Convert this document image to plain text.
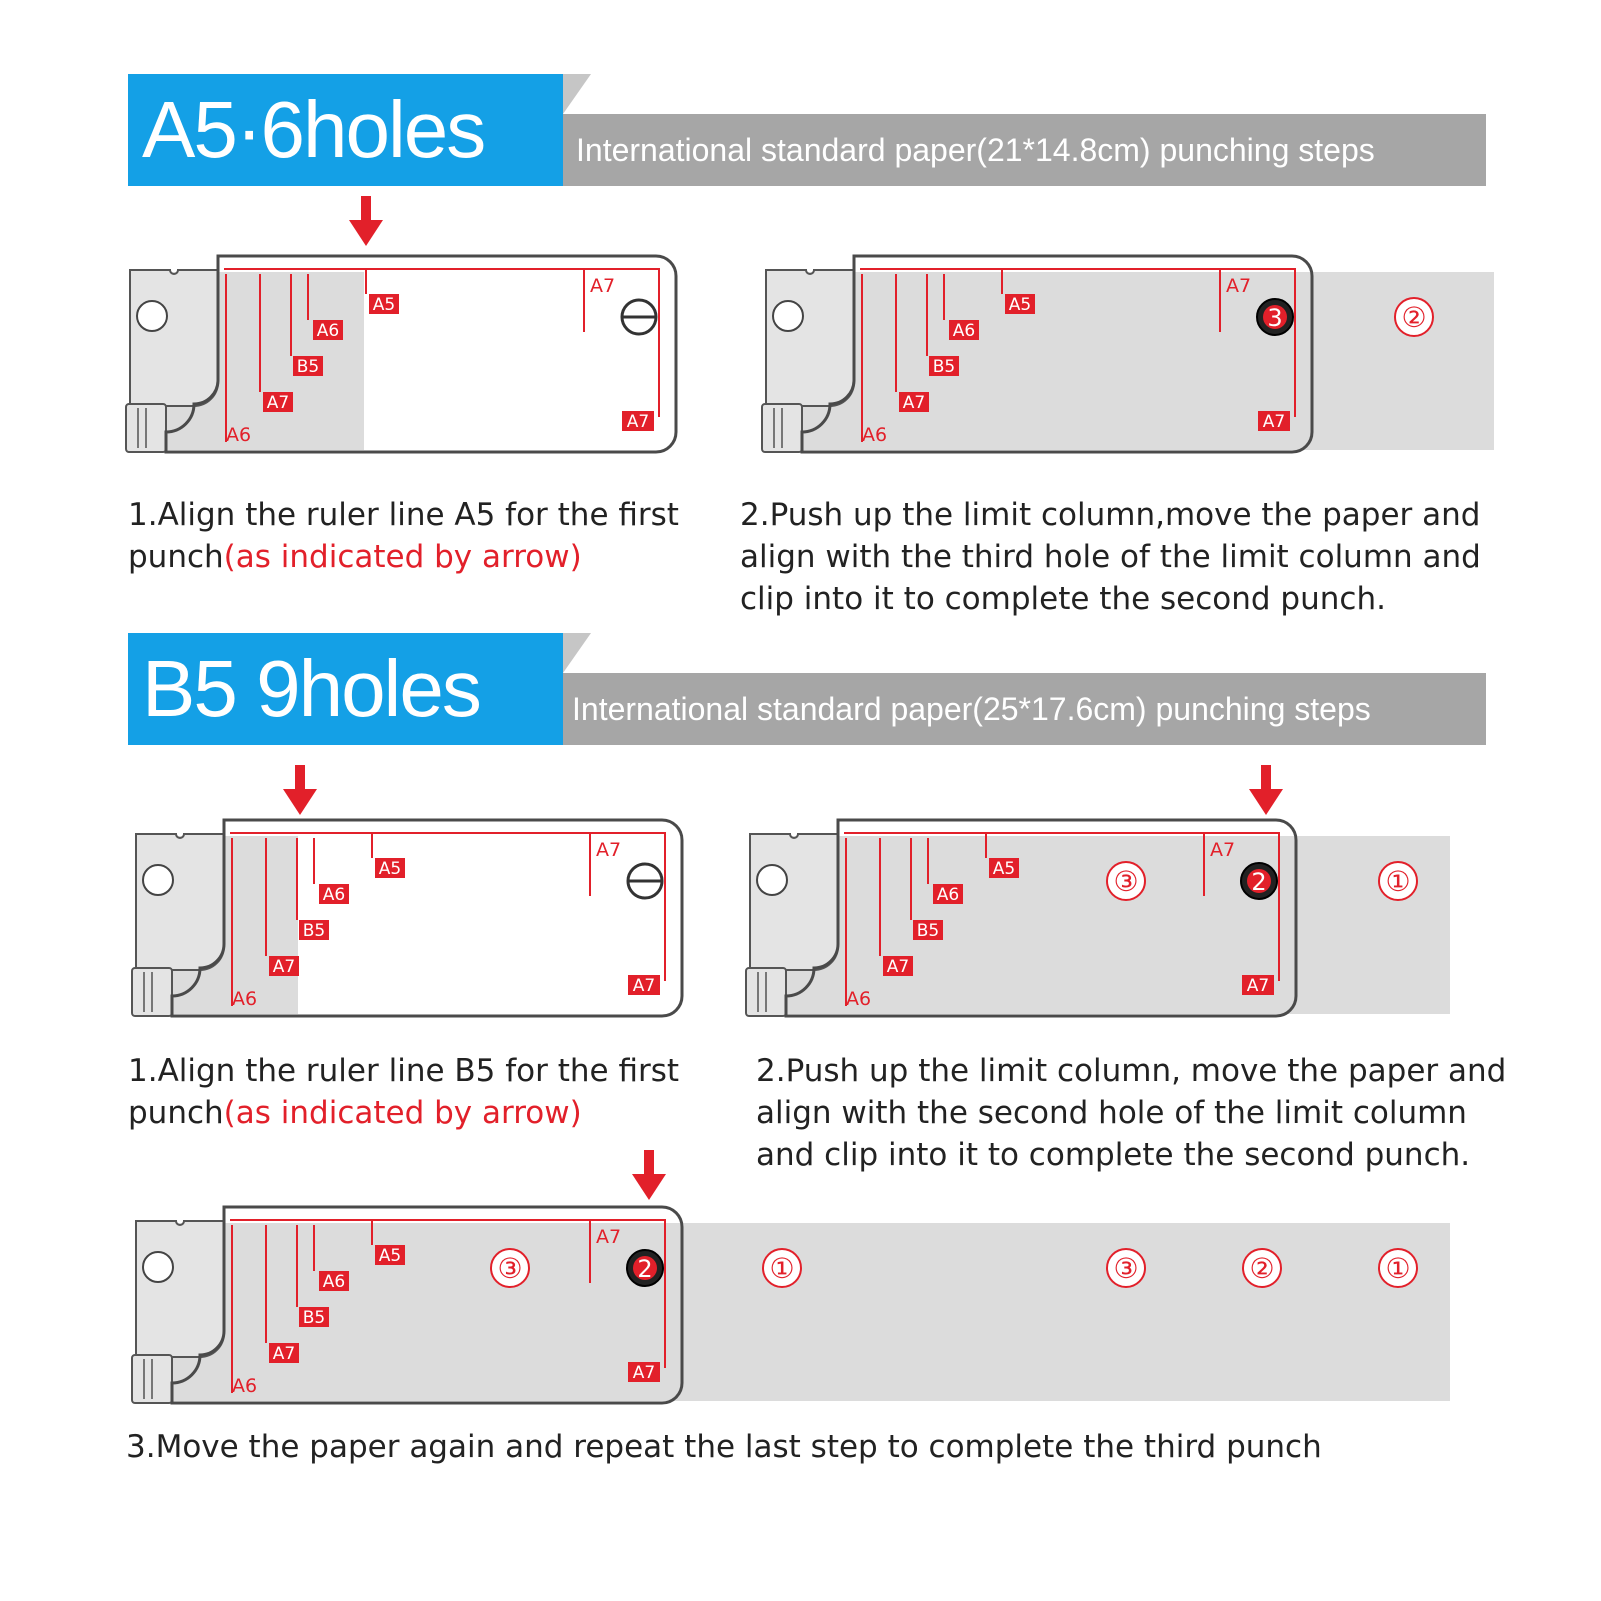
A5·6holes	International standard paper(21*14.8cm) punching steps
B5 9holes	International standard paper(25*17.6cm) punching steps
1.Align the ruler line A5 for the first
punch(as indicated by arrow)
2.Push up the limit column,move the paper and
align with the third hole of the limit column and
clip into it to complete the second punch.
1.Align the ruler line B5 for the first
punch(as indicated by arrow)
2.Push up the limit column, move the paper and
align with the second hole of the limit column
and clip into it to complete the second punch.
3.Move the paper again and repeat the last step to complete the third punch
A5
A6
B5
A7
A6
A7
A7
A5
A6
B5
A7
A6
A7
A7
3	②
A5
A6
B5
A7
A6
A7
A7
A5
A6
B5
A7
A6
A7
A7
2
③	①
A5
A6
B5
A7
A6
A7
A7
2
③	①	③	②	①
